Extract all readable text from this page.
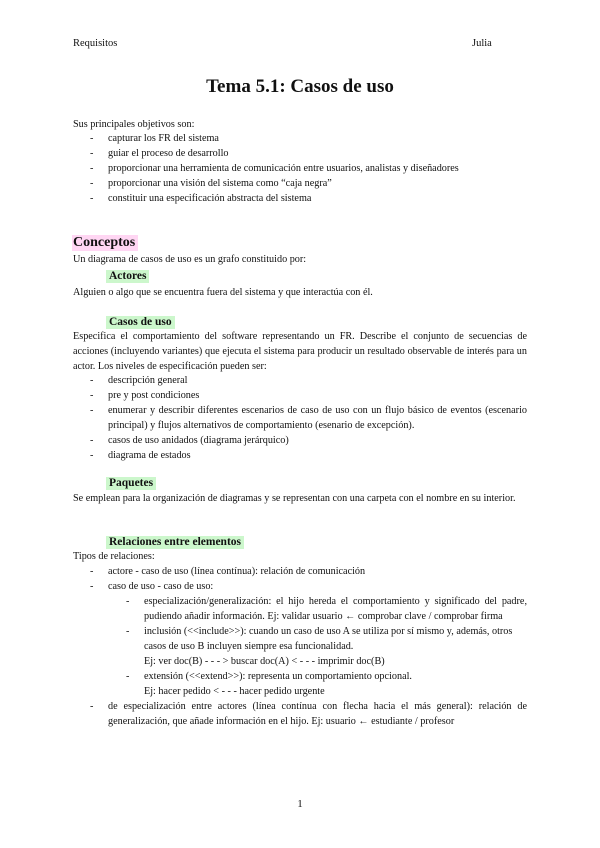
Requisitos	Julia
Tema 5.1: Casos de uso
Sus principales objetivos son:
- capturar los FR del sistema
- guiar el proceso de desarrollo
- proporcionar una herramienta de comunicación entre usuarios, analistas y diseñadores
- proporcionar una visión del sistema como “caja negra”
- constituir una especificación abstracta del sistema
Conceptos
Un diagrama de casos de uso es un grafo constituido por:
Actores
Alguien o algo que se encuentra fuera del sistema y que interactúa con él.
Casos de uso
Especifica el comportamiento del software representando un FR. Describe el conjunto de secuencias de acciones (incluyendo variantes) que ejecuta el sistema para producir un resultado observable de interés para un actor. Los niveles de especificación pueden ser:
- descripción general
- pre y post condiciones
- enumerar y describir diferentes escenarios de caso de uso con un flujo básico de eventos (escenario principal) y flujos alternativos de comportamiento (esenario de excepción).
- casos de uso anidados (diagrama jerárquico)
- diagrama de estados
Paquetes
Se emplean para la organización de diagramas y se representan con una carpeta con el nombre en su interior.
Relaciones entre elementos
Tipos de relaciones:
- actore - caso de uso (línea contínua): relación de comunicación
- caso de uso - caso de uso:
- especialización/generalización: el hijo hereda el comportamiento y significado del padre, pudiendo añadir información. Ej: validar usuario ← comprobar clave / comprobar firma
- inclusión (<<include>>): cuando un caso de uso A se utiliza por sí mismo y, además, otros casos de uso B incluyen siempre esa funcionalidad.
Ej: ver doc(B) - - - > buscar doc(A) < - - - imprimir doc(B)
- extensión (<<extend>>): representa un comportamiento opcional.
Ej: hacer pedido < - - - hacer pedido urgente
- de especialización entre actores (línea contínua con flecha hacia el más general): relación de generalización, que añade información en el hijo. Ej: usuario ← estudiante / profesor
1
